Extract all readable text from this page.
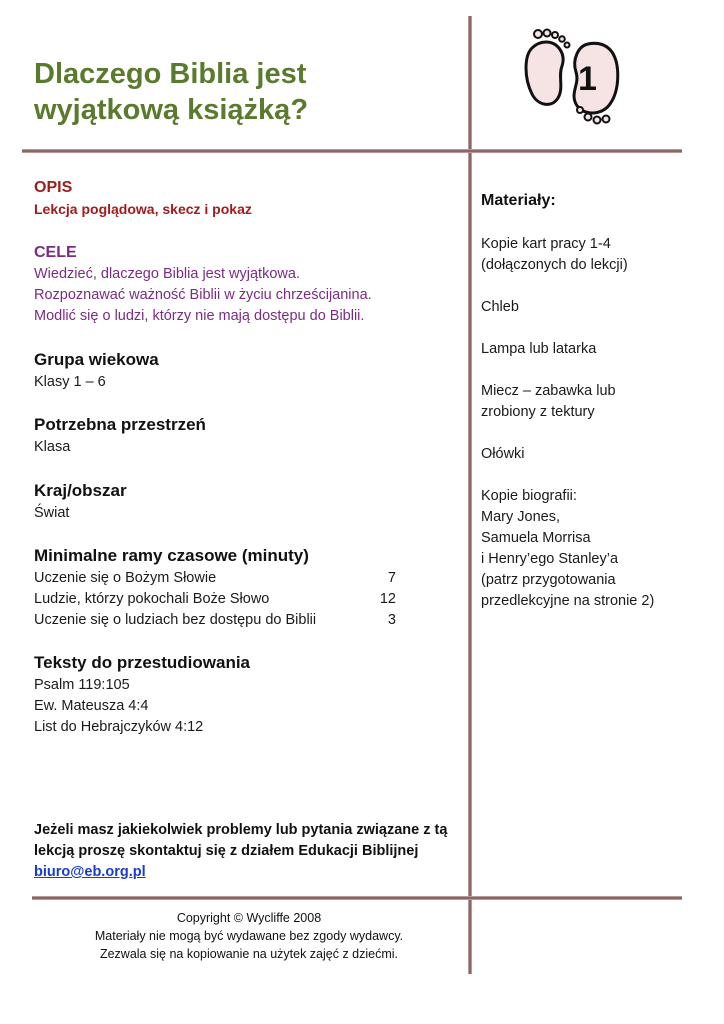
Dlaczego Biblia jest
wyjątkową książką?
1
OPIS
Lekcja poglądowa, skecz i pokaz
CELE
Wiedzieć, dlaczego Biblia jest wyjątkowa.
Rozpoznawać ważność Biblii w życiu chrześcijanina.
Modlić się o ludzi, którzy nie mają dostępu do Biblii.
Grupa wiekowa
Klasy 1 – 6
Potrzebna przestrzeń
Klasa
Kraj/obszar
Świat
Minimalne ramy czasowe (minuty)
Uczenie się o Bożym Słowie	7
Ludzie, którzy pokochali Boże Słowo	12
Uczenie się o ludziach bez dostępu do Biblii	3
Teksty do przestudiowania
Psalm 119:105
Ew. Mateusza 4:4
List do Hebrajczyków 4:12
Jeżeli masz jakiekolwiek problemy lub pytania związane z tą
lekcją proszę skontaktuj się z działem Edukacji Biblijnej
biuro@eb.org.pl
Copyright © Wycliffe 2008
Materiały nie mogą być wydawane bez zgody wydawcy.
Zezwala się na kopiowanie na użytek zajęć z dziećmi.
Materiały:
Kopie kart pracy 1-4
(dołączonych do lekcji)
Chleb
Lampa lub latarka
Miecz – zabawka lub
zrobiony z tektury
Ołówki
Kopie biografii:
Mary Jones,
Samuela Morrisa
i Henry’ego Stanley’a
(patrz przygotowania
przedlekcyjne na stronie 2)
